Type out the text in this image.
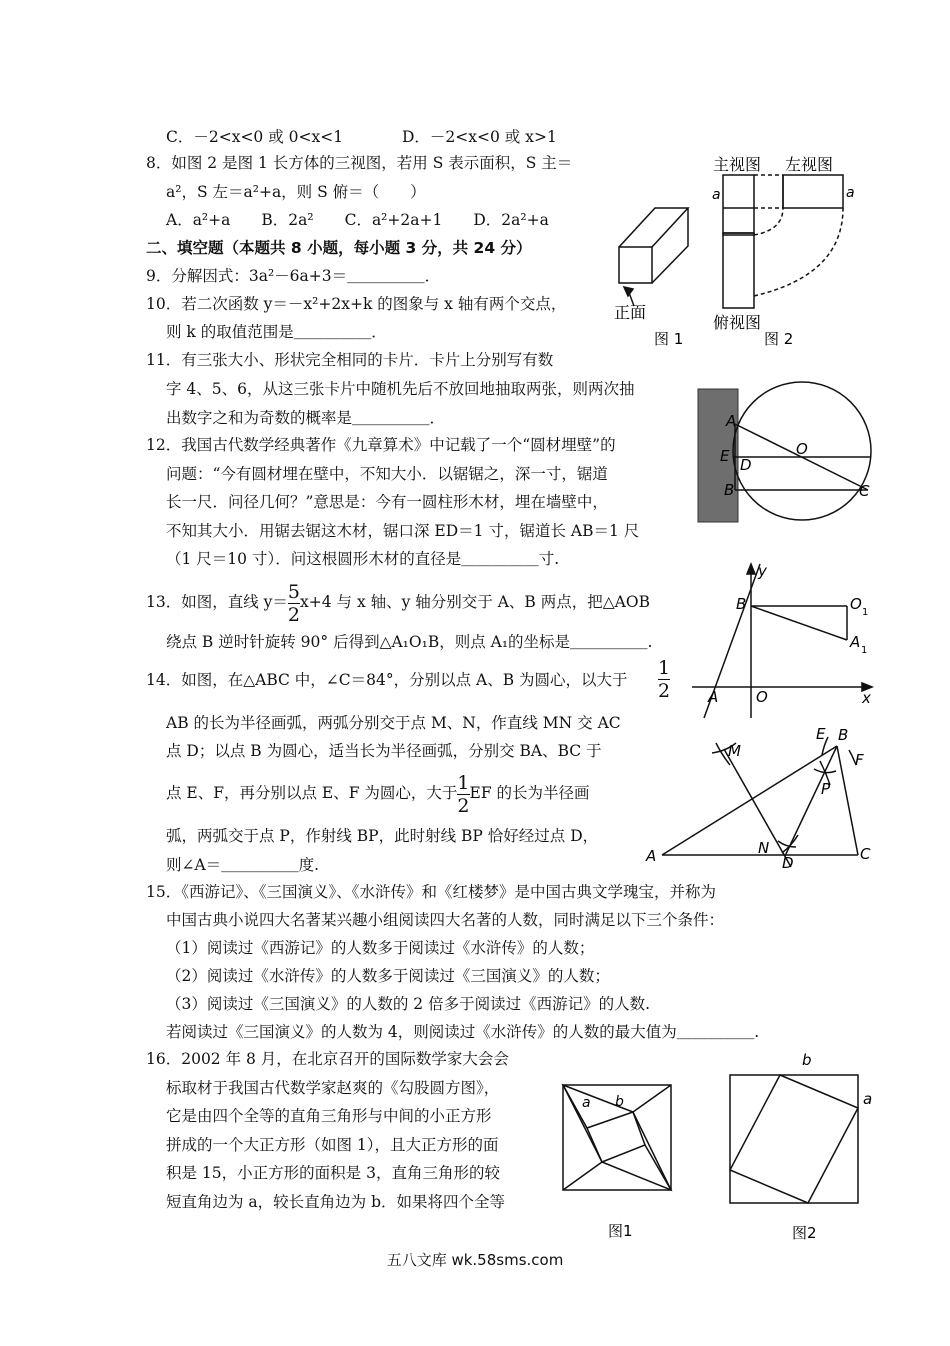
C．－2<x<0 或 0<x<1	D．－2<x<0 或 x>1
8．如图 2 是图 1 长方体的三视图，若用 S 表示面积，S 主＝
a²，S 左＝a²+a，则 S 俯＝（　　）
A．a²+a　　B．2a²　　C．a²+2a+1　　D．2a²+a
二、填空题（本题共 8 小题，每小题 3 分，共 24 分）
9．分解因式：3a²－6a+3＝＿＿＿＿＿．
10．若二次函数 y＝－x²+2x+k 的图象与 x 轴有两个交点，
则 k 的取值范围是＿＿＿＿＿．
11．有三张大小、形状完全相同的卡片．卡片上分别写有数
字 4、5、6，从这三张卡片中随机先后不放回地抽取两张，则两次抽
出数字之和为奇数的概率是＿＿＿＿＿．
12．我国古代数学经典著作《九章算术》中记载了一个“圆材埋壁”的
问题：“今有圆材埋在壁中，不知大小．以锯锯之，深一寸，锯道
长一尺．问径几何？”意思是：今有一圆柱形木材，埋在墙壁中，
不知其大小．用锯去锯这木材，锯口深 ED＝1 寸，锯道长 AB＝1 尺
（1 尺＝10 寸）．问这根圆形木材的直径是＿＿＿＿＿寸.
13．如图，直线 $y= \frac{5}{2} x+4$ 与 x 轴、y 轴分别交于 A、B 两点，把△AOB
绕点 B 逆时针旋转 90° 后得到△A₁O₁B，则点 A₁的坐标是＿＿＿＿＿.
14．如图，在△ABC 中，∠C＝84°，分别以点 A、B 为圆心，以大于 $\frac{1}{2}$
AB 的长为半径画弧，两弧分别交于点 M、N，作直线 MN 交 AC
点 D；以点 B 为圆心，适当长为半径画弧，分别交 BA、BC 于
点 E、F，再分别以点 E、F 为圆心，大于 $\frac{1}{2}$ EF 的长为半径画
弧，两弧交于点 P，作射线 BP，此时射线 BP 恰好经过点 D，
则∠A＝＿＿＿＿＿度.
15．《西游记》、《三国演义》、《水浒传》和《红楼梦》是中国古典文学瑰宝，并称为
中国古典小说四大名著某兴趣小组阅读四大名著的人数，同时满足以下三个条件：
（1）阅读过《西游记》的人数多于阅读过《水浒传》的人数；
（2）阅读过《水浒传》的人数多于阅读过《三国演义》的人数；
（3）阅读过《三国演义》的人数的 2 倍多于阅读过《西游记》的人数.
若阅读过《三国演义》的人数为 4，则阅读过《水浒传》的人数的最大值为＿＿＿＿＿.
16．2002 年 8 月，在北京召开的国际数学家大会会
标取材于我国古代数学家赵爽的《勾股圆方图》，
它是由四个全等的直角三角形与中间的小正方形
拼成的一个大正方形（如图 1），且大正方形的面
积是 15，小正方形的面积是 3，直角三角形的较
短直角边为 a，较长直角边为 b．如果将四个全等
主视图 左视图
俯视图
a	a
正面
图 1	图 2
A
E D
B
O
C
y
B	O 1
A 1
A	O	x
M
E B
F
P
N
D
A	C
a b
图1
b
a
图2
五八文库 wk.58sms.com
